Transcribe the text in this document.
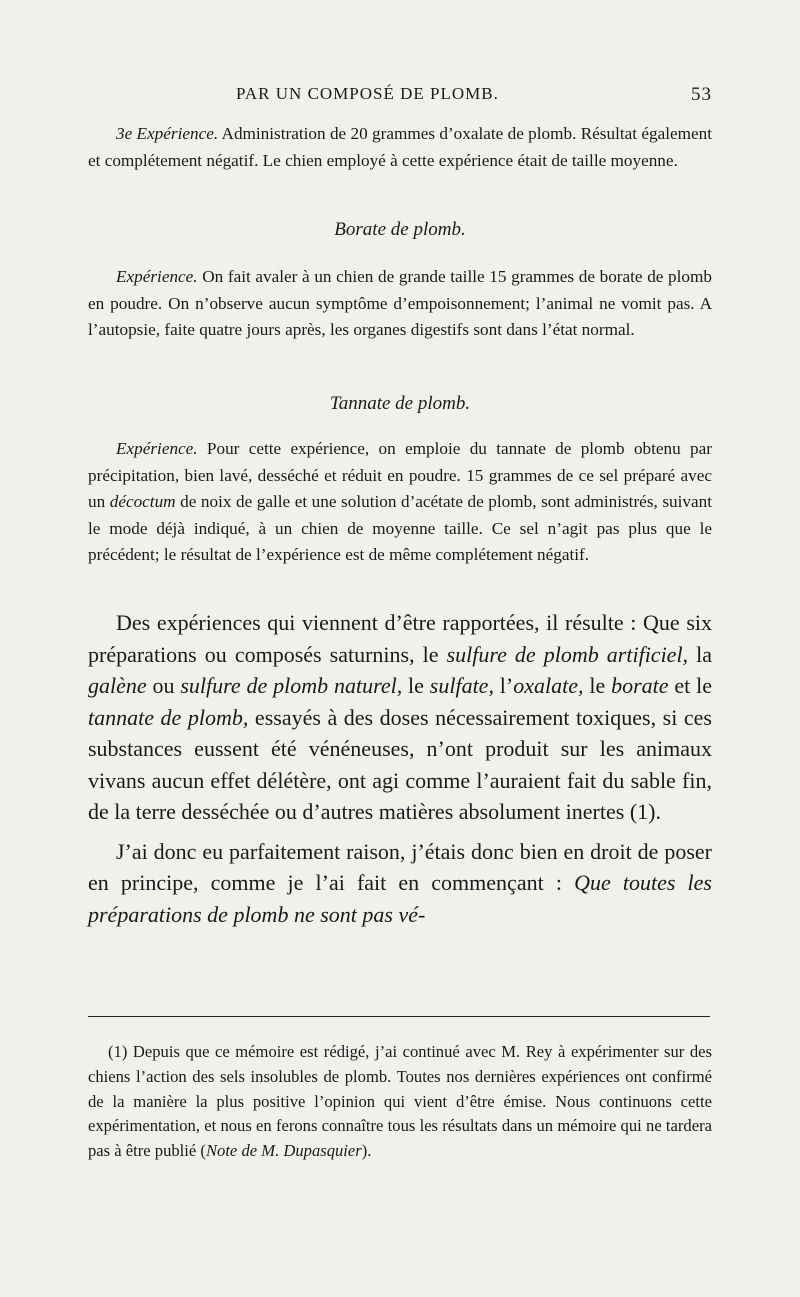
PAR UN COMPOSÉ DE PLOMB.	53

3e Expérience. Administration de 20 grammes d’oxalate de plomb. Résultat également et complétement négatif. Le chien employé à cette expérience était de taille moyenne.

Borate de plomb.

Expérience. On fait avaler à un chien de grande taille 15 grammes de borate de plomb en poudre. On n’observe aucun symptôme d’empoisonnement; l’animal ne vomit pas. A l’autopsie, faite quatre jours après, les organes digestifs sont dans l’état normal.

Tannate de plomb.

Expérience. Pour cette expérience, on emploie du tannate de plomb obtenu par précipitation, bien lavé, desséché et réduit en poudre. 15 grammes de ce sel préparé avec un décoctum de noix de galle et une solution d’acétate de plomb, sont administrés, suivant le mode déjà indiqué, à un chien de moyenne taille. Ce sel n’agit pas plus que le précédent; le résultat de l’expérience est de même complétement négatif.

Des expériences qui viennent d’être rapportées, il résulte : Que six préparations ou composés saturnins, le sulfure de plomb artificiel, la galène ou sulfure de plomb naturel, le sulfate, l’oxalate, le borate et le tannate de plomb, essayés à des doses nécessairement toxiques, si ces substances eussent été vénéneuses, n’ont produit sur les animaux vivans aucun effet délétère, ont agi comme l’auraient fait du sable fin, de la terre desséchée ou d’autres matières absolument inertes (1).

J’ai donc eu parfaitement raison, j’étais donc bien en droit de poser en principe, comme je l’ai fait en commençant : Que toutes les préparations de plomb ne sont pas vé-

(1) Depuis que ce mémoire est rédigé, j’ai continué avec M. Rey à expérimenter sur des chiens l’action des sels insolubles de plomb. Toutes nos dernières expériences ont confirmé de la manière la plus positive l’opinion qui vient d’être émise. Nous continuons cette expérimentation, et nous en ferons connaître tous les résultats dans un mémoire qui ne tardera pas à être publié (Note de M. Dupasquier).
